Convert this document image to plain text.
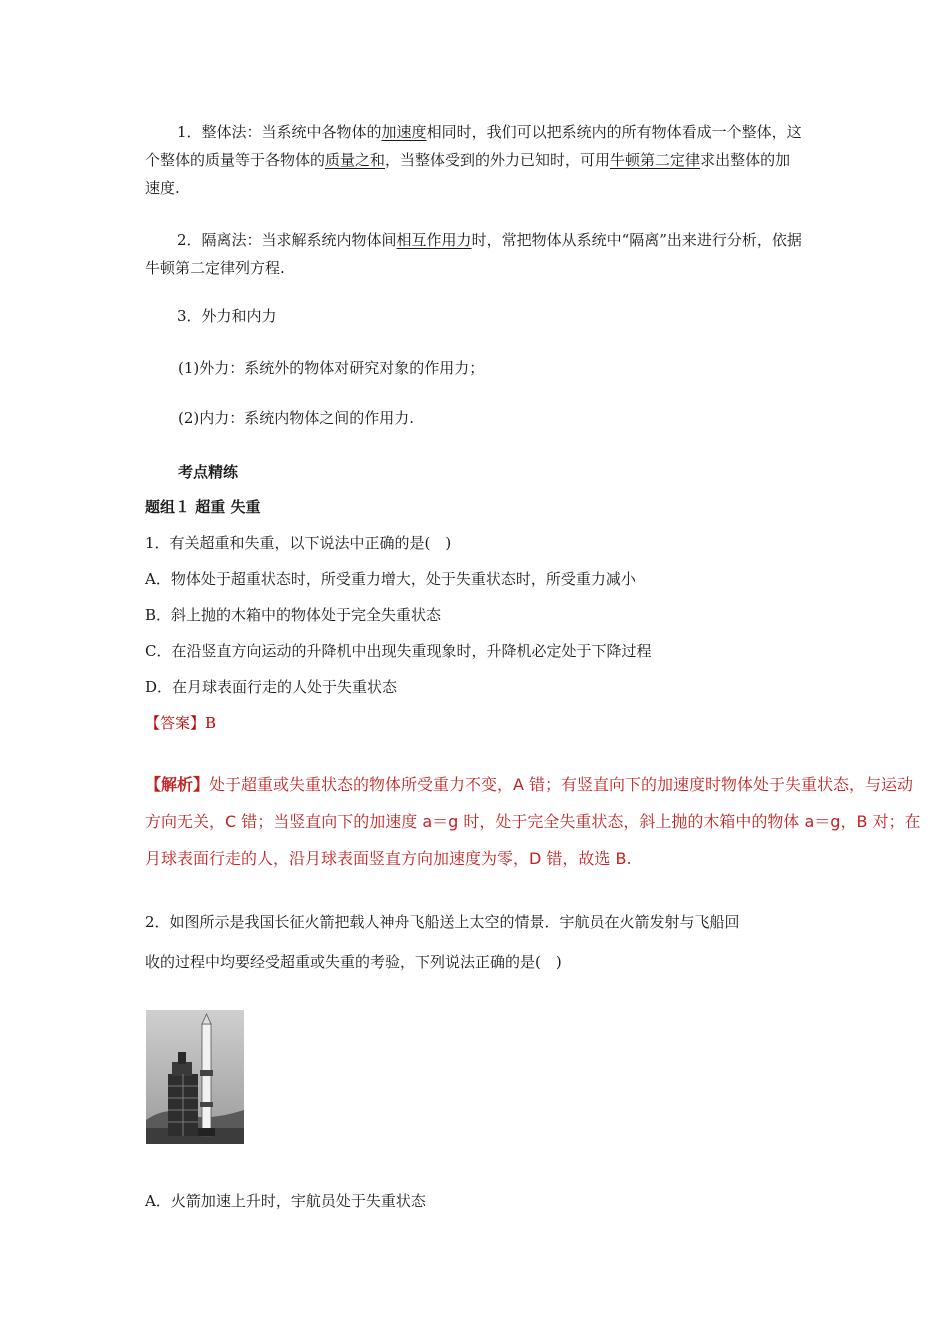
1．整体法：当系统中各物体的加速度相同时，我们可以把系统内的所有物体看成一个整体，这个整体的质量等于各物体的质量之和，当整体受到的外力已知时，可用牛顿第二定律求出整体的加速度.

2．隔离法：当求解系统内物体间相互作用力时，常把物体从系统中“隔离”出来进行分析，依据牛顿第二定律列方程.

3．外力和内力

(1)外力：系统外的物体对研究对象的作用力；

(2)内力：系统内物体之间的作用力.

考点精练

题组１ 超重 失重

1．有关超重和失重，以下说法中正确的是(　)

A．物体处于超重状态时，所受重力增大，处于失重状态时，所受重力减小

B．斜上抛的木箱中的物体处于完全失重状态

C．在沿竖直方向运动的升降机中出现失重现象时，升降机必定处于下降过程

D．在月球表面行走的人处于失重状态

【答案】B

【解析】处于超重或失重状态的物体所受重力不变，A 错；有竖直向下的加速度时物体处于失重状态，与运动方向无关，C 错；当竖直向下的加速度 a＝g 时，处于完全失重状态，斜上抛的木箱中的物体 a＝g，B 对；在月球表面行走的人，沿月球表面竖直方向加速度为零，D 错，故选 B.

2．如图所示是我国长征火箭把载人神舟飞船送上太空的情景．宇航员在火箭发射与飞船回

收的过程中均要经受超重或失重的考验，下列说法正确的是(　)

A．火箭加速上升时，宇航员处于失重状态
